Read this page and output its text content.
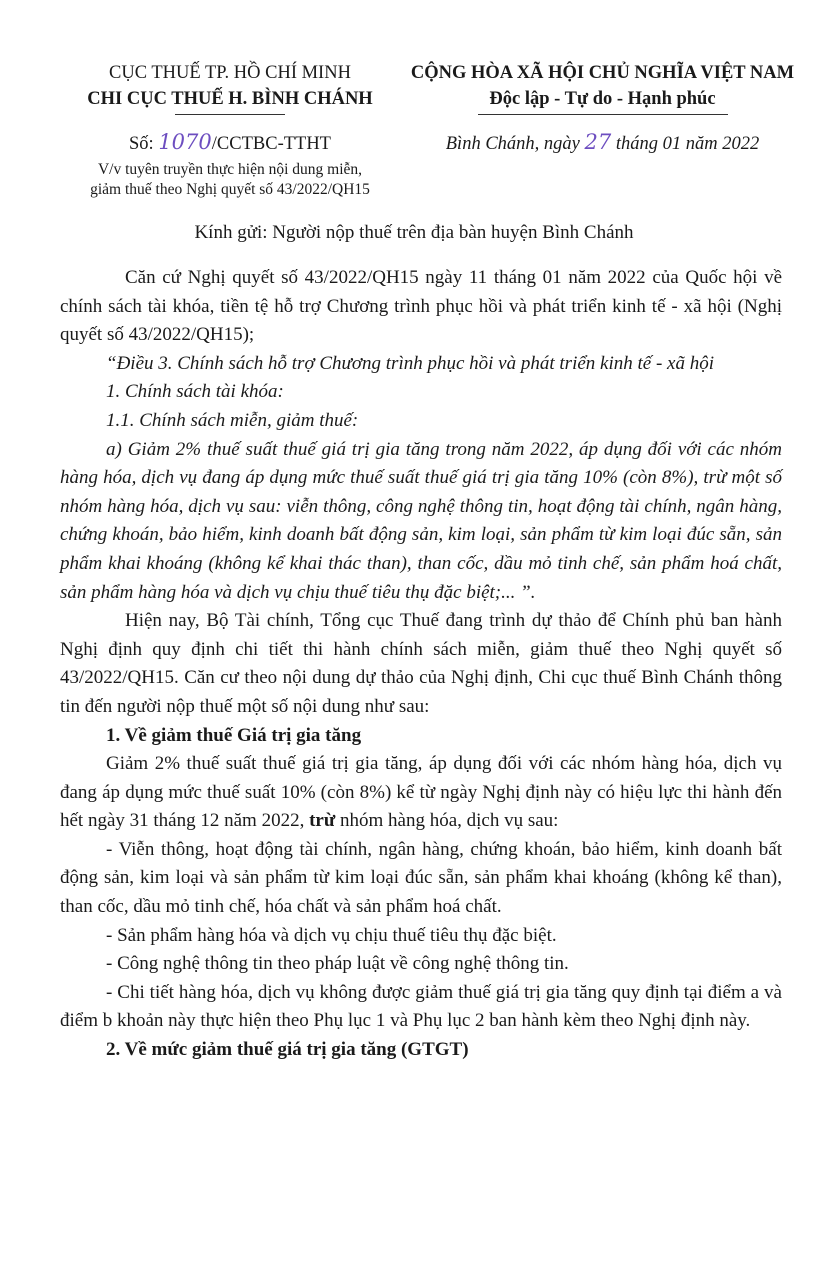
CỤC THUẾ TP. HỒ CHÍ MINH
CHI CỤC THUẾ H. BÌNH CHÁNH
CỘNG HÒA XÃ HỘI CHỦ NGHĨA VIỆT NAM
Độc lập - Tự do - Hạnh phúc
Số: 1070/CCTBC-TTHT	Bình Chánh, ngày 27 tháng 01 năm 2022
V/v tuyên truyền thực hiện nội dung miễn,
giảm thuế theo Nghị quyết số 43/2022/QH15
Kính gửi: Người nộp thuế trên địa bàn huyện Bình Chánh

Căn cứ Nghị quyết số 43/2022/QH15 ngày 11 tháng 01 năm 2022 của Quốc hội về chính sách tài khóa, tiền tệ hỗ trợ Chương trình phục hồi và phát triển kinh tế - xã hội (Nghị quyết số 43/2022/QH15);

“Điều 3. Chính sách hỗ trợ Chương trình phục hồi và phát triển kinh tế - xã hội

1. Chính sách tài khóa:

1.1. Chính sách miễn, giảm thuế:

a) Giảm 2% thuế suất thuế giá trị gia tăng trong năm 2022, áp dụng đối với các nhóm hàng hóa, dịch vụ đang áp dụng mức thuế suất thuế giá trị gia tăng 10% (còn 8%), trừ một số nhóm hàng hóa, dịch vụ sau: viễn thông, công nghệ thông tin, hoạt động tài chính, ngân hàng, chứng khoán, bảo hiểm, kinh doanh bất động sản, kim loại, sản phẩm từ kim loại đúc sẵn, sản phẩm khai khoáng (không kể khai thác than), than cốc, dầu mỏ tinh chế, sản phẩm hoá chất, sản phẩm hàng hóa và dịch vụ chịu thuế tiêu thụ đặc biệt;... ”.

Hiện nay, Bộ Tài chính, Tổng cục Thuế đang trình dự thảo để Chính phủ ban hành Nghị định quy định chi tiết thi hành chính sách miễn, giảm thuế theo Nghị quyết số 43/2022/QH15. Căn cư theo nội dung dự thảo của Nghị định, Chi cục thuế Bình Chánh thông tin đến người nộp thuế một số nội dung như sau:

1. Về giảm thuế Giá trị gia tăng

Giảm 2% thuế suất thuế giá trị gia tăng, áp dụng đối với các nhóm hàng hóa, dịch vụ đang áp dụng mức thuế suất 10% (còn 8%) kể từ ngày Nghị định này có hiệu lực thi hành đến hết ngày 31 tháng 12 năm 2022, trừ nhóm hàng hóa, dịch vụ sau:

- Viễn thông, hoạt động tài chính, ngân hàng, chứng khoán, bảo hiểm, kinh doanh bất động sản, kim loại và sản phẩm từ kim loại đúc sẵn, sản phẩm khai khoáng (không kể than), than cốc, dầu mỏ tinh chế, hóa chất và sản phẩm hoá chất.

- Sản phẩm hàng hóa và dịch vụ chịu thuế tiêu thụ đặc biệt.

- Công nghệ thông tin theo pháp luật về công nghệ thông tin.

- Chi tiết hàng hóa, dịch vụ không được giảm thuế giá trị gia tăng quy định tại điểm a và điểm b khoản này thực hiện theo Phụ lục 1 và Phụ lục 2 ban hành kèm theo Nghị định này.

2. Về mức giảm thuế giá trị gia tăng (GTGT)
